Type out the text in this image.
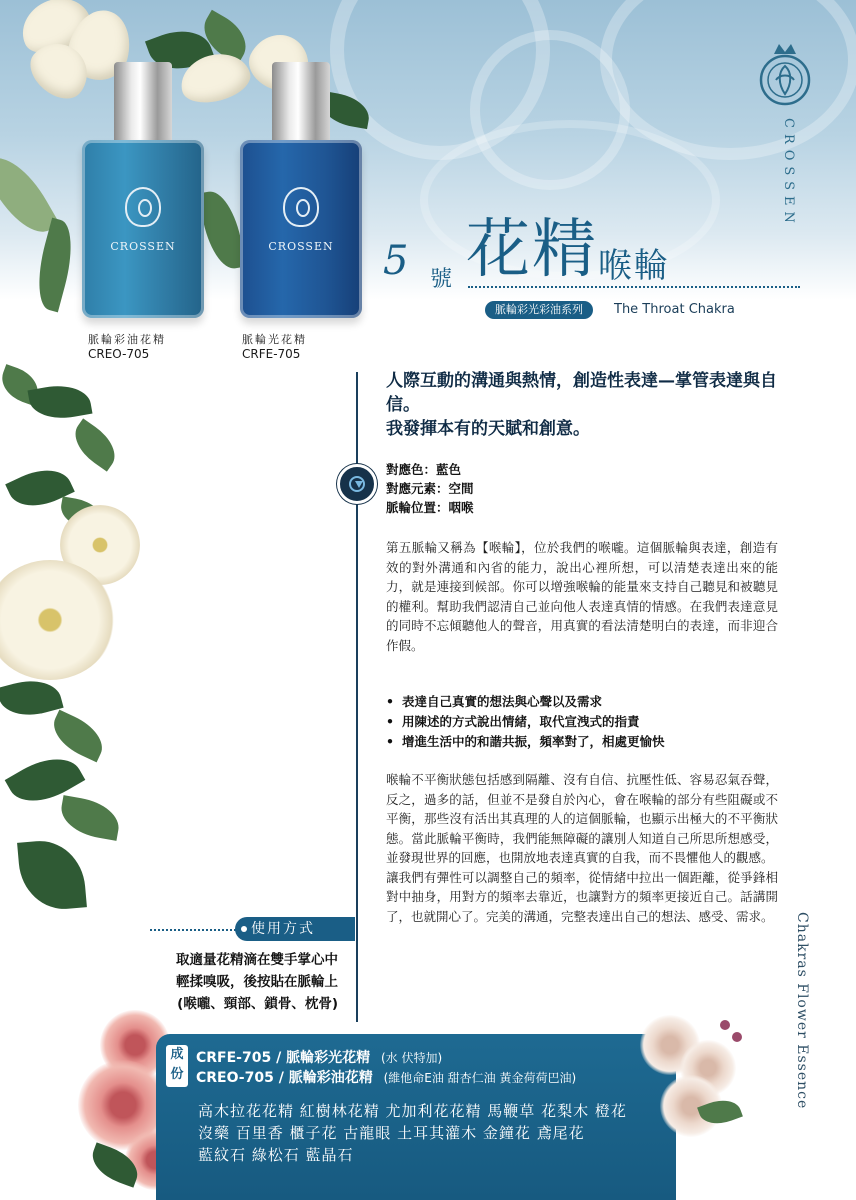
CROSSEN
CROSSEN	CROSSEN
脈輪彩油花精
CREO-705
脈輪光花精
CRFE-705
5 號 花精 喉輪
脈輪彩光彩油系列	The Throat Chakra
人際互動的溝通與熱情，創造性表達—掌管表達與自信。
我發揮本有的天賦和創意。
對應色：藍色
對應元素：空間
脈輪位置：咽喉
第五脈輪又稱為【喉輪】，位於我們的喉嚨。這個脈輪與表達，創造有效的對外溝通和內省的能力，說出心裡所想，可以清楚表達出來的能力，就是連接到候部。你可以增強喉輪的能量來支持自己聽見和被聽見的權利。幫助我們認清自己並向他人表達真情的情感。在我們表達意見的同時不忘傾聽他人的聲音，用真實的看法清楚明白的表達，而非迎合作假。
• 表達自己真實的想法與心聲以及需求
• 用陳述的方式說出情緒，取代宣洩式的指責
• 增進生活中的和諧共振，頻率對了，相處更愉快
喉輪不平衡狀態包括感到隔離、沒有自信、抗壓性低、容易忍氣吞聲，反之，過多的話，但並不是發自於內心，會在喉輪的部分有些阻礙或不平衡，那些沒有活出其真理的人的這個脈輪，也顯示出極大的不平衡狀態。當此脈輪平衡時，我們能無障礙的讓別人知道自己所思所想感受，並發現世界的回應，也開放地表達真實的自我，而不畏懼他人的觀感。
讓我們有彈性可以調整自己的頻率，從情緒中拉出一個距離，從爭鋒相對中抽身，用對方的頻率去靠近，也讓對方的頻率更接近自己。話講開了，也就開心了。完美的溝通，完整表達出自己的想法、感受、需求。
使用方式
取適量花精滴在雙手掌心中
輕揉嗅吸，後按貼在脈輪上
(喉嚨、頸部、鎖骨、枕骨)	Chakras Flower Essence
成
份
CRFE-705 / 脈輪彩光花精 (水 伏特加)
CREO-705 / 脈輪彩油花精 (維他命E油 甜杏仁油 黃金荷荷巴油)
高木拉花花精 紅樹林花精 尤加利花花精 馬鞭草 花梨木 橙花
沒藥 百里香 櫃子花 古龍眼 土耳其灌木 金鐘花 鳶尾花
藍紋石 綠松石 藍晶石
